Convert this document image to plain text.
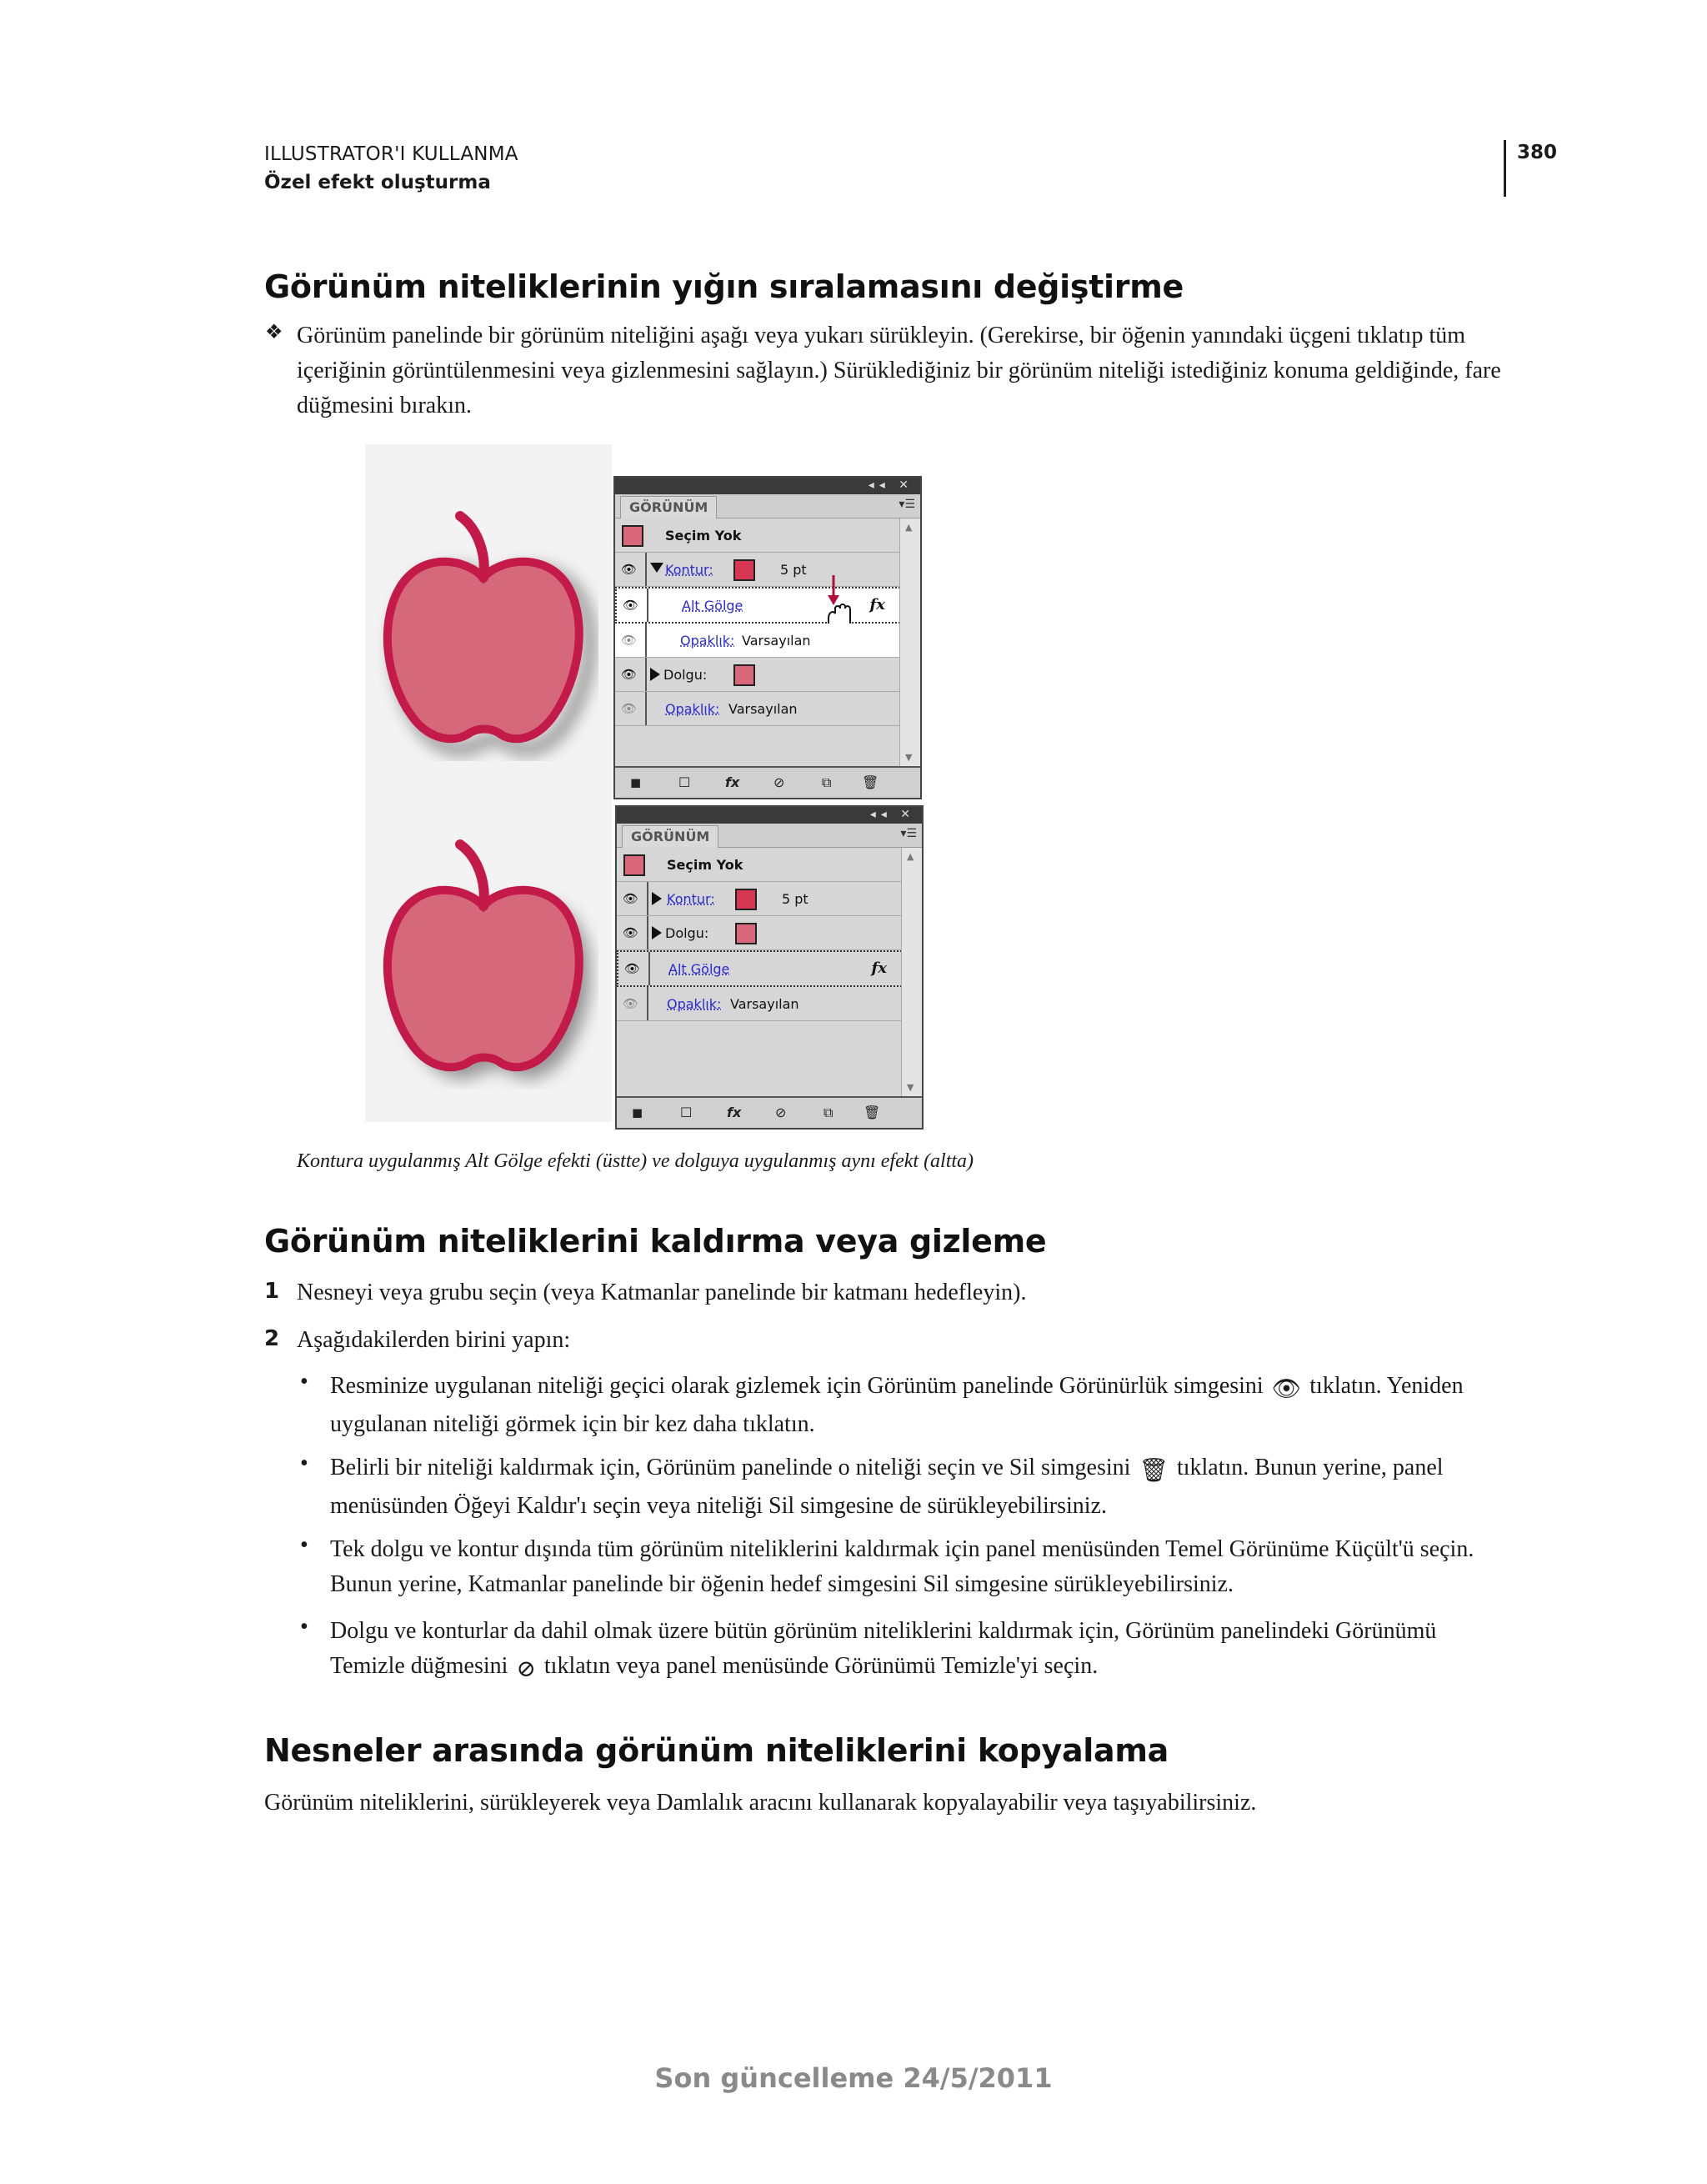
ILLUSTRATOR'I KULLANMA
Özel efekt oluşturma
380
Görünüm niteliklerinin yığın sıralamasını değiştirme
❖ Görünüm panelinde bir görünüm niteliğini aşağı veya yukarı sürükleyin. (Gerekirse, bir öğenin yanındaki üçgeni tıklatıp tüm içeriğinin görüntülenmesini veya gizlenmesini sağlayın.) Sürüklediğiniz bir görünüm niteliği istediğiniz konuma geldiğinde, fare düğmesini bırakın.
◂◂ ✕
GÖRÜNÜM	▾☰
Seçim Yok
👁 Kontur:	5 pt
👁	Alt Gölge	fx
👁	Opaklık: Varsayılan
👁 Dolgu:
👁 Opaklık: Varsayılan
▲
▼
◼	☐	fx	⊘	⧉ 🗑
◂◂ ✕
GÖRÜNÜM	▾☰
Seçim Yok
👁 Kontur:	5 pt
👁 Dolgu:
👁 Alt Gölge	fx
👁 Opaklık: Varsayılan
▲
▼
◼	☐	fx	⊘	⧉ 🗑
Kontura uygulanmış Alt Gölge efekti (üstte) ve dolguya uygulanmış aynı efekt (altta)
Görünüm niteliklerini kaldırma veya gizleme
1 Nesneyi veya grubu seçin (veya Katmanlar panelinde bir katmanı hedefleyin).
2 Aşağıdakilerden birini yapın:
• Resminize uygulanan niteliği geçici olarak gizlemek için Görünüm panelinde Görünürlük simgesini 👁 tıklatın. Yeniden uygulanan niteliği görmek için bir kez daha tıklatın.
• Belirli bir niteliği kaldırmak için, Görünüm panelinde o niteliği seçin ve Sil simgesini 🗑 tıklatın. Bunun yerine, panel menüsünden Öğeyi Kaldır'ı seçin veya niteliği Sil simgesine de sürükleyebilirsiniz.
• Tek dolgu ve kontur dışında tüm görünüm niteliklerini kaldırmak için panel menüsünden Temel Görünüme Küçült'ü seçin. Bunun yerine, Katmanlar panelinde bir öğenin hedef simgesini Sil simgesine sürükleyebilirsiniz.
• Dolgu ve konturlar da dahil olmak üzere bütün görünüm niteliklerini kaldırmak için, Görünüm panelindeki Görünümü Temizle düğmesini ⊘ tıklatın veya panel menüsünde Görünümü Temizle'yi seçin.
Nesneler arasında görünüm niteliklerini kopyalama
Görünüm niteliklerini, sürükleyerek veya Damlalık aracını kullanarak kopyalayabilir veya taşıyabilirsiniz.
Son güncelleme 24/5/2011
